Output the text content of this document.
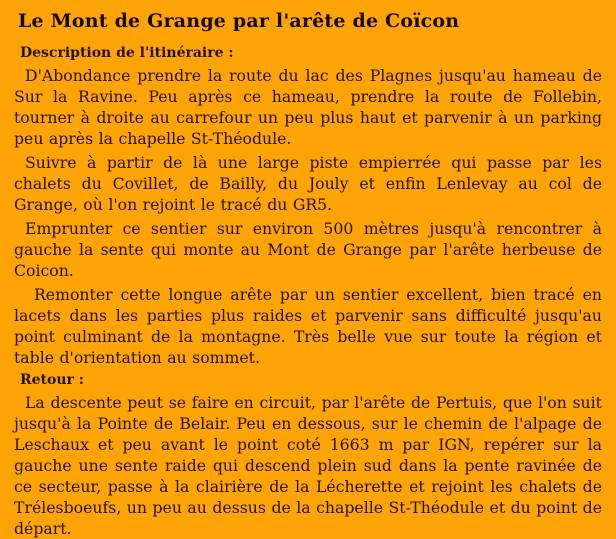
Le Mont de Grange par l'arête de Coïcon
Description de l'itinéraire :

D'Abondance prendre la route du lac des Plagnes jusqu'au hameau de Sur la Ravine. Peu après ce hameau, prendre la route de Follebin, tourner à droite au carrefour un peu plus haut et parvenir à un parking peu après la chapelle St-Théodule.

Suivre à partir de là une large piste empierrée qui passe par les chalets du Covillet, de Bailly, du Jouly et enfin Lenlevay au col de Grange, où l'on rejoint le tracé du GR5.

Emprunter ce sentier sur environ 500 mètres jusqu'à rencontrer à gauche la sente qui monte au Mont de Grange par l'arête herbeuse de Coicon.

Remonter cette longue arête par un sentier excellent, bien tracé en lacets dans les parties plus raides et parvenir sans difficulté jusqu'au point culminant de la montagne. Très belle vue sur toute la région et table d'orientation au sommet.

Retour :

La descente peut se faire en circuit, par l'arête de Pertuis, que l'on suit jusqu'à la Pointe de Belair. Peu en dessous, sur le chemin de l'alpage de Leschaux et peu avant le point coté 1663 m par IGN, repérer sur la gauche une sente raide qui descend plein sud dans la pente ravinée de ce secteur, passe à la clairière de la Lécherette et rejoint les chalets de Trélesboeufs, un peu au dessus de la chapelle St-Théodule et du point de départ.
